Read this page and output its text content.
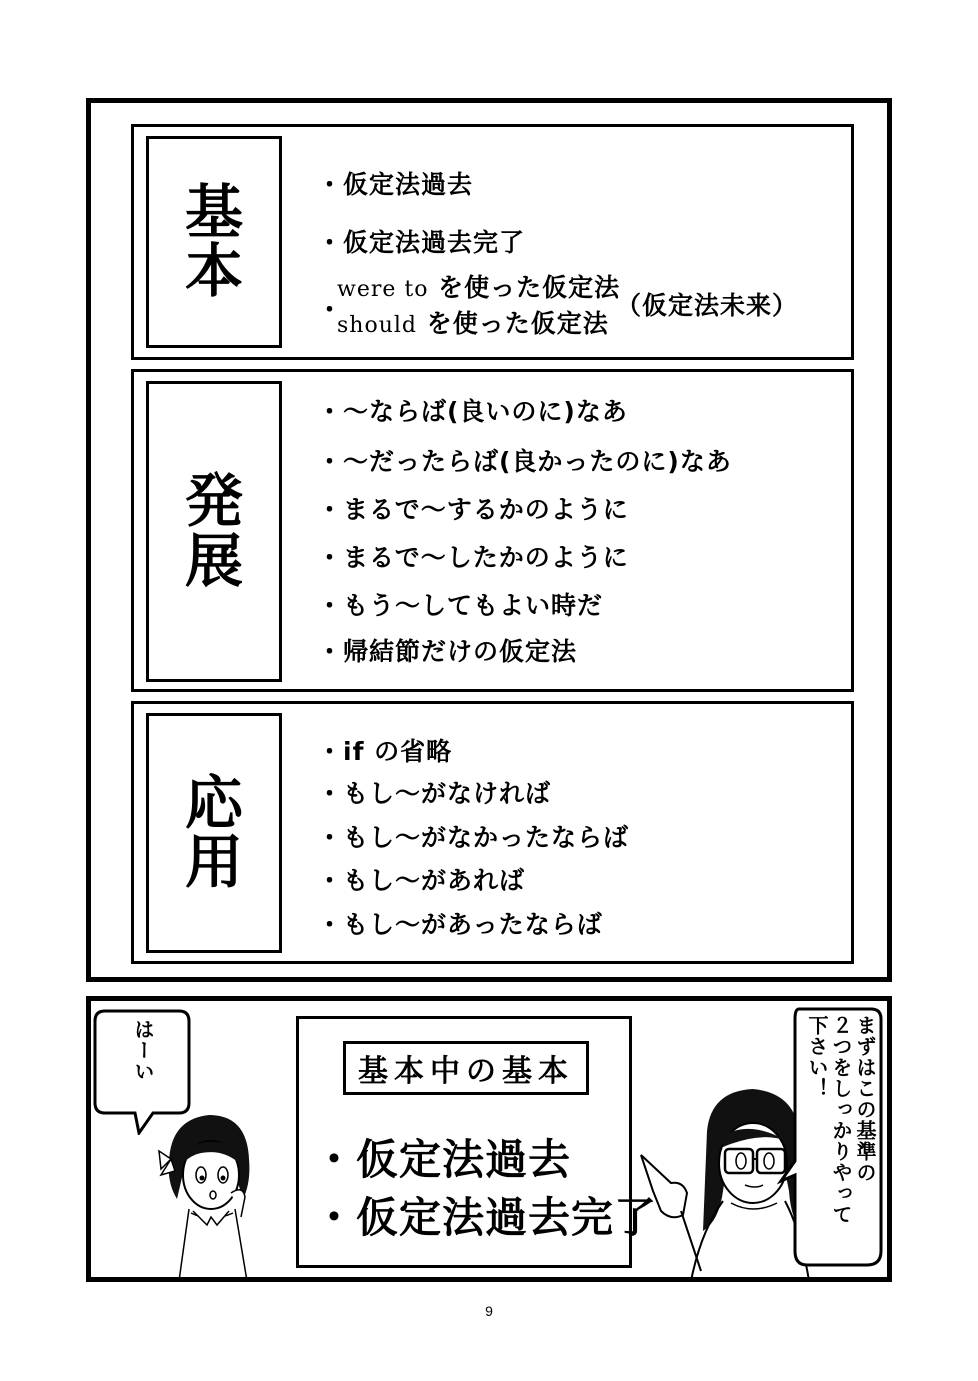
基
本
・仮定法過去
・仮定法過去完了
・
were to を使った仮定法
should を使った仮定法
（仮定法未来）
発
展
・〜ならば(良いのに)なあ
・〜だったらば(良かったのに)なあ
・まるで〜するかのように
・まるで〜したかのように
・もう〜してもよい時だ
・帰結節だけの仮定法
応
用
・if の省略
・もし〜がなければ
・もし〜がなかったならば
・もし〜があれば
・もし〜があったならば
はーい	基本中の基本
・仮定法過去
・仮定法過去完了
まずはこの基準の
２つをしっかりやって
下さい！
9
